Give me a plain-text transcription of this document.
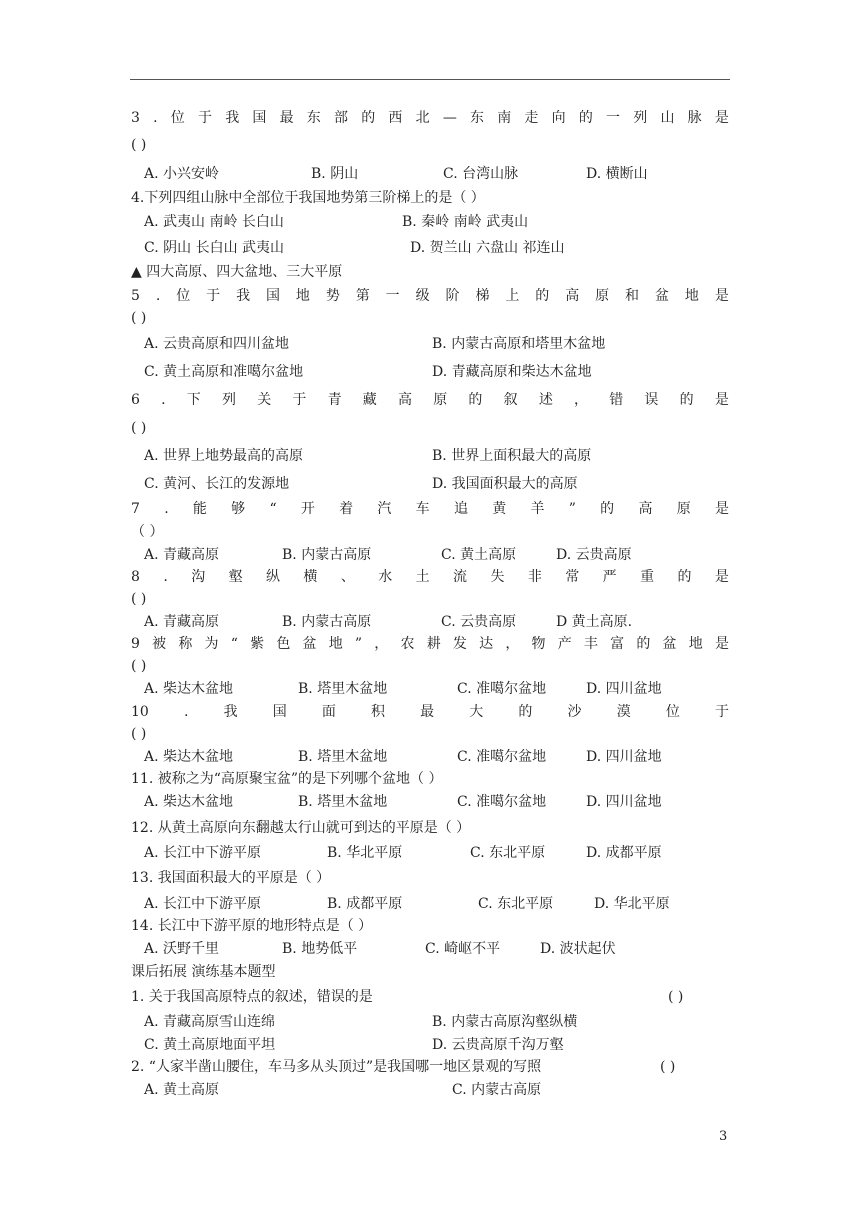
3 . 位 于 我 国 最 东 部 的 西 北 — 东 南 走 向 的 一 列 山 脉 是
( )
A. 小兴安岭	B. 阴山	C. 台湾山脉	D. 横断山
4.下列四组山脉中全部位于我国地势第三阶梯上的是（ ）
A. 武夷山 南岭 长白山	B. 秦岭 南岭 武夷山
C. 阴山 长白山 武夷山	D. 贺兰山 六盘山 祁连山
▲ 四大高原、四大盆地、三大平原
5 . 位 于 我 国 地 势 第 一 级 阶 梯 上 的 高 原 和 盆 地 是
( )
A. 云贵高原和四川盆地	B. 内蒙古高原和塔里木盆地
C. 黄土高原和准噶尔盆地	D. 青藏高原和柴达木盆地
6 . 下 列 关 于 青 藏 高 原 的 叙 述 ， 错 误 的 是
( )
A. 世界上地势最高的高原	B. 世界上面积最大的高原
C. 黄河、长江的发源地	D. 我国面积最大的高原
7 . 能 够 “ 开 着 汽 车 追 黄 羊 ” 的 高 原 是
（ ）
A. 青藏高原	B. 内蒙古高原	C. 黄土高原	D. 云贵高原
8 . 沟 壑 纵 横 、 水 土 流 失 非 常 严 重 的 是
( )
A. 青藏高原	B. 内蒙古高原	C. 云贵高原	D 黄土高原.
9 被 称 为 “ 紫 色 盆 地 ” ， 农 耕 发 达 ， 物 产 丰 富 的 盆 地 是
( )
A. 柴达木盆地	B. 塔里木盆地	C. 准噶尔盆地	D. 四川盆地
10	.	我	国	面	积	最	大	的	沙	漠	位	于
( )
A. 柴达木盆地	B. 塔里木盆地	C. 准噶尔盆地	D. 四川盆地
11. 被称之为“高原聚宝盆”的是下列哪个盆地（ ）
A. 柴达木盆地	B. 塔里木盆地	C. 准噶尔盆地	D. 四川盆地
12. 从黄土高原向东翻越太行山就可到达的平原是（ ）
A. 长江中下游平原	B. 华北平原	C. 东北平原	D. 成都平原
13. 我国面积最大的平原是（ ）
A. 长江中下游平原	B. 成都平原	C. 东北平原	D. 华北平原
14. 长江中下游平原的地形特点是（ ）
A. 沃野千里	B. 地势低平	C. 崎岖不平	D. 波状起伏
课后拓展 演练基本题型
1. 关于我国高原特点的叙述，错误的是	( )
A. 青藏高原雪山连绵	B. 内蒙古高原沟壑纵横
C. 黄土高原地面平坦	D. 云贵高原千沟万壑
2. “人家半凿山腰住，车马多从头顶过”是我国哪一地区景观的写照	( )
A. 黄土高原	C. 内蒙古高原
3
